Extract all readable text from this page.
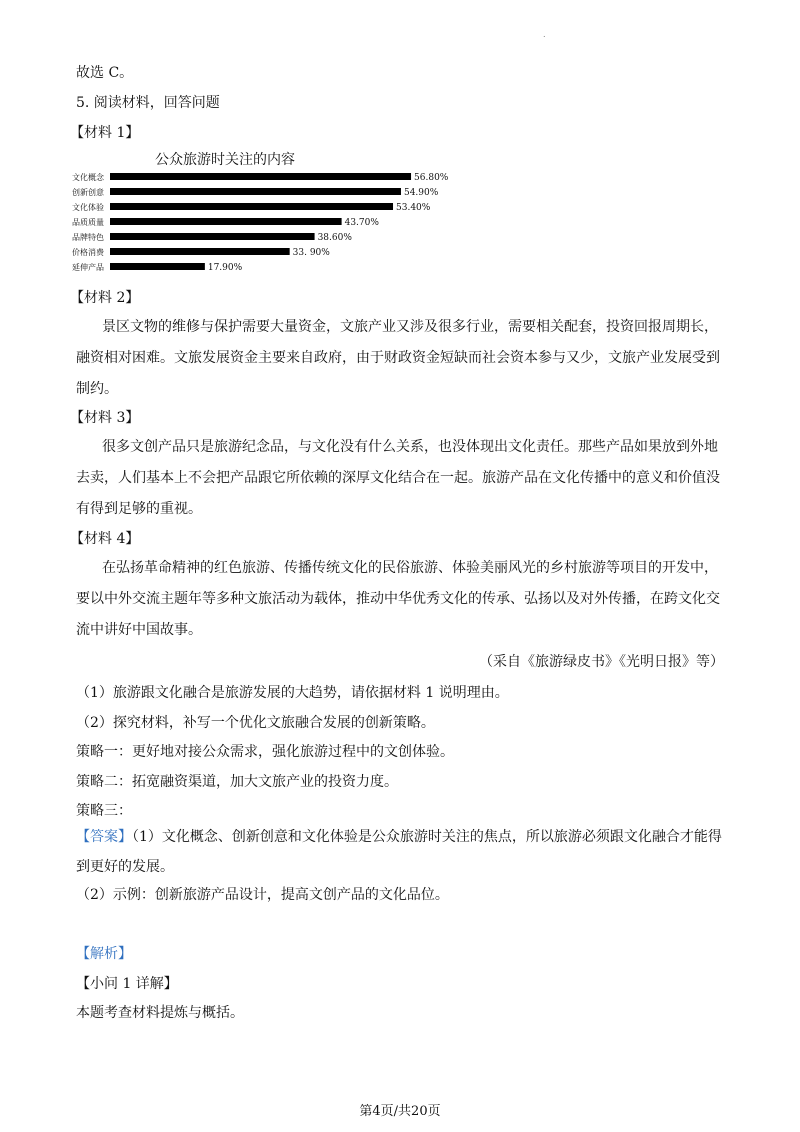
.
故选 C。
5. 阅读材料，回答问题
【材料 1】
公众旅游时关注的内容
文化概念	56.80%
创新创意	54.90%
文化体验	53.40%
品质质量	43.70%
品牌特色	38.60%
价格消费	33. 90%
延伸产品	17.90%
【材料 2】
景区文物的维修与保护需要大量资金，文旅产业又涉及很多行业，需要相关配套，投资回报周期长，融资相对困难。文旅发展资金主要来自政府，由于财政资金短缺而社会资本参与又少，文旅产业发展受到制约。
【材料 3】
很多文创产品只是旅游纪念品，与文化没有什么关系，也没体现出文化责任。那些产品如果放到外地去卖，人们基本上不会把产品跟它所依赖的深厚文化结合在一起。旅游产品在文化传播中的意义和价值没有得到足够的重视。
【材料 4】
在弘扬革命精神的红色旅游、传播传统文化的民俗旅游、体验美丽风光的乡村旅游等项目的开发中，要以中外交流主题年等多种文旅活动为载体，推动中华优秀文化的传承、弘扬以及对外传播，在跨文化交流中讲好中国故事。
（采自《旅游绿皮书》《光明日报》等）
（1）旅游跟文化融合是旅游发展的大趋势，请依据材料 1 说明理由。
（2）探究材料，补写一个优化文旅融合发展的创新策略。
策略一：更好地对接公众需求，强化旅游过程中的文创体验。
策略二：拓宽融资渠道，加大文旅产业的投资力度。
策略三：
【答案】（1）文化概念、创新创意和文化体验是公众旅游时关注的焦点，所以旅游必须跟文化融合才能得到更好的发展。
（2）示例：创新旅游产品设计，提高文创产品的文化品位。
【解析】
【小问 1 详解】
本题考查材料提炼与概括。
第4页/共20页
